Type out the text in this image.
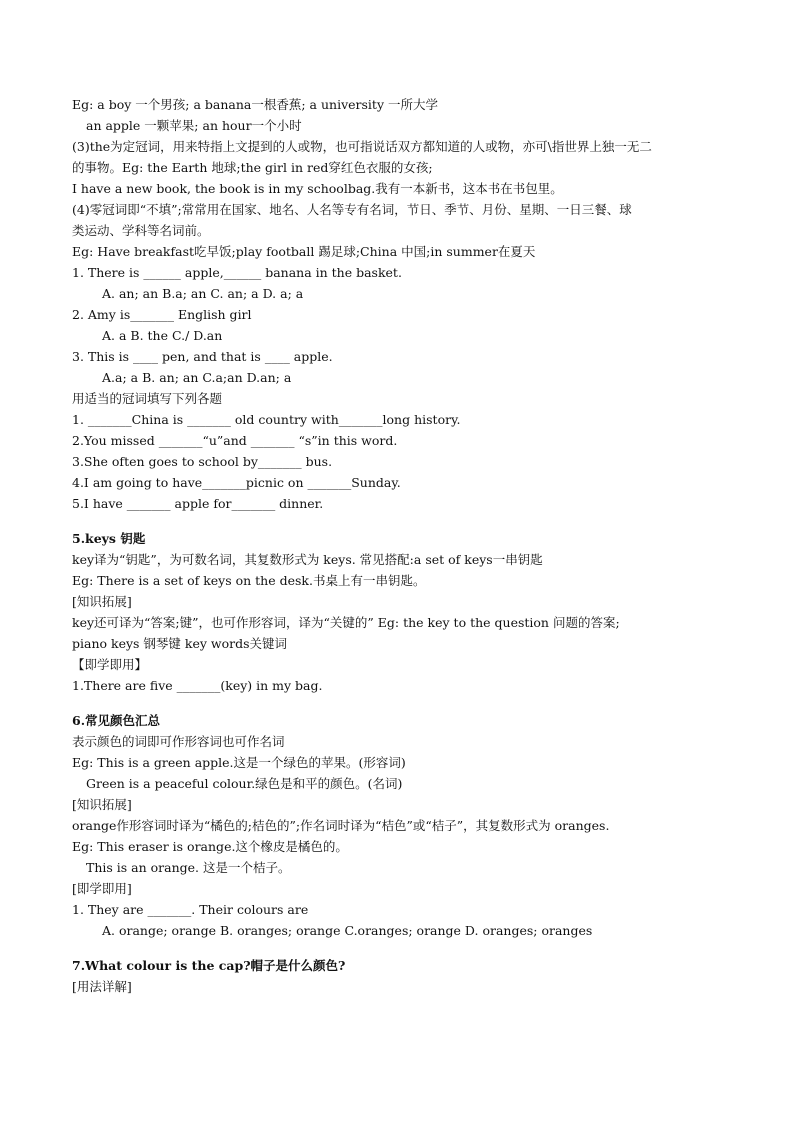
Eg: a boy 一个男孩; a banana一根香蕉; a university 一所大学
an apple 一颗苹果; an hour一个小时
(3)the为定冠词，用来特指上文提到的人或物，也可指说话双方都知道的人或物，亦可\指世界上独一无二
的事物。Eg: the Earth 地球;the girl in red穿红色衣服的女孩;
I have a new book, the book is in my schoolbag.我有一本新书，这本书在书包里。
(4)零冠词即“不填”;常常用在国家、地名、人名等专有名词，节日、季节、月份、星期、一日三餐、球
类运动、学科等名词前。
Eg: Have breakfast吃早饭;play football 踢足球;China 中国;in summer在夏天
1. There is ______ apple,______ banana in the basket.
A. an; an B.a; an C. an; a D. a; a
2. Amy is_______ English girl
A. a B. the C./ D.an
3. This is ____ pen, and that is ____ apple.
A.a; a B. an; an C.a;an D.an; a
用适当的冠词填写下列各题
1. _______China is _______ old country with_______long history.
2.You missed _______“u”and _______ “s”in this word.
3.She often goes to school by_______ bus.
4.I am going to have_______picnic on _______Sunday.
5.I have _______ apple for_______ dinner.
5.keys 钥匙
key译为“钥匙”，为可数名词，其复数形式为 keys. 常见搭配:a set of keys一串钥匙
Eg: There is a set of keys on the desk.书桌上有一串钥匙。
[知识拓展]
key还可译为“答案;键”，也可作形容词，译为“关键的” Eg: the key to the question 问题的答案;
piano keys 钢琴键 key words关键词
【即学即用】
1.There are five _______(key) in my bag.
6.常见颜色汇总
表示颜色的词即可作形容词也可作名词
Eg: This is a green apple.这是一个绿色的苹果。(形容词)
Green is a peaceful colour.绿色是和平的颜色。(名词)
[知识拓展]
orange作形容词时译为“橘色的;桔色的”;作名词时译为“桔色”或“桔子”，其复数形式为 oranges.
Eg: This eraser is orange.这个橡皮是橘色的。
This is an orange. 这是一个桔子。
[即学即用]
1. They are _______. Their colours are
A. orange; orange B. oranges; orange C.oranges; orange D. oranges; oranges
7.What colour is the cap?帽子是什么颜色?
[用法详解]
